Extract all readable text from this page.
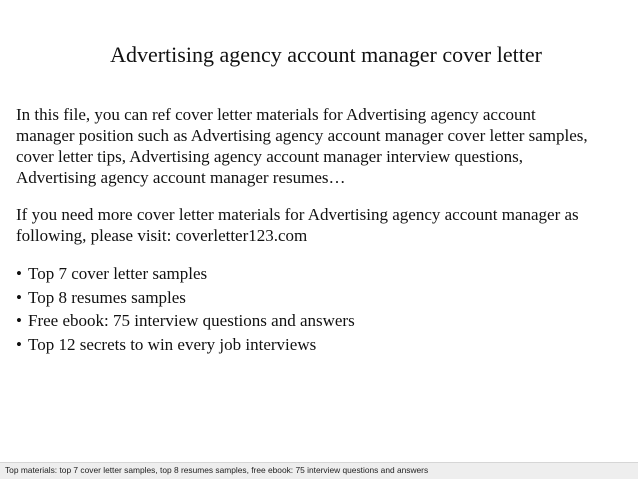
Advertising agency account manager cover letter
In this file, you can ref cover letter materials for Advertising agency account
manager position such as Advertising agency account manager cover letter samples,
cover letter tips, Advertising agency account manager interview questions,
Advertising agency account manager resumes…
If you need more cover letter materials for Advertising agency account manager as
following, please visit: coverletter123.com
• Top 7 cover letter samples
• Top 8 resumes samples
• Free ebook: 75 interview questions and answers
• Top 12 secrets to win every job interviews
Top materials: top 7 cover letter samples, top 8 resumes samples, free ebook: 75 interview questions and answers
